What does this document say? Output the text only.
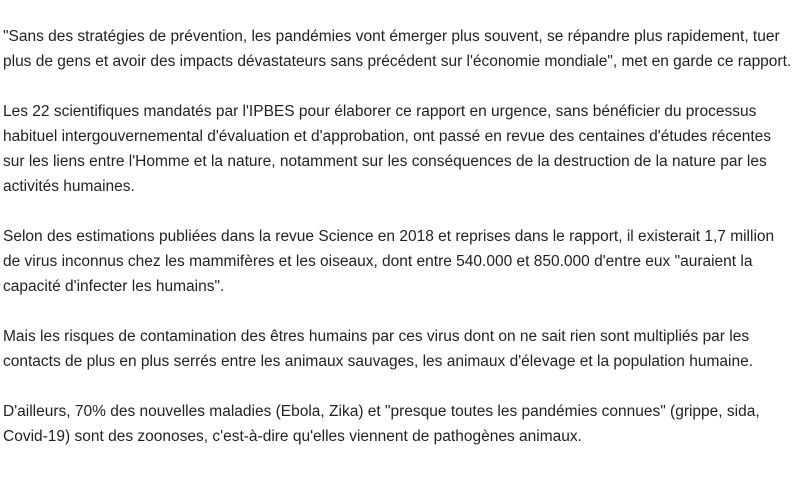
"Sans des stratégies de prévention, les pandémies vont émerger plus souvent, se répandre plus rapidement, tuer plus de gens et avoir des impacts dévastateurs sans précédent sur l'économie mondiale", met en garde ce rapport.

Les 22 scientifiques mandatés par l'IPBES pour élaborer ce rapport en urgence, sans bénéficier du processus habituel intergouvernemental d'évaluation et d'approbation, ont passé en revue des centaines d'études récentes sur les liens entre l'Homme et la nature, notamment sur les conséquences de la destruction de la nature par les activités humaines.

Selon des estimations publiées dans la revue Science en 2018 et reprises dans le rapport, il existerait 1,7 million de virus inconnus chez les mammifères et les oiseaux, dont entre 540.000 et 850.000 d'entre eux "auraient la capacité d'infecter les humains".

Mais les risques de contamination des êtres humains par ces virus dont on ne sait rien sont multipliés par les contacts de plus en plus serrés entre les animaux sauvages, les animaux d'élevage et la population humaine.

D'ailleurs, 70% des nouvelles maladies (Ebola, Zika) et "presque toutes les pandémies connues" (grippe, sida, Covid-19) sont des zoonoses, c'est-à-dire qu'elles viennent de pathogènes animaux.
